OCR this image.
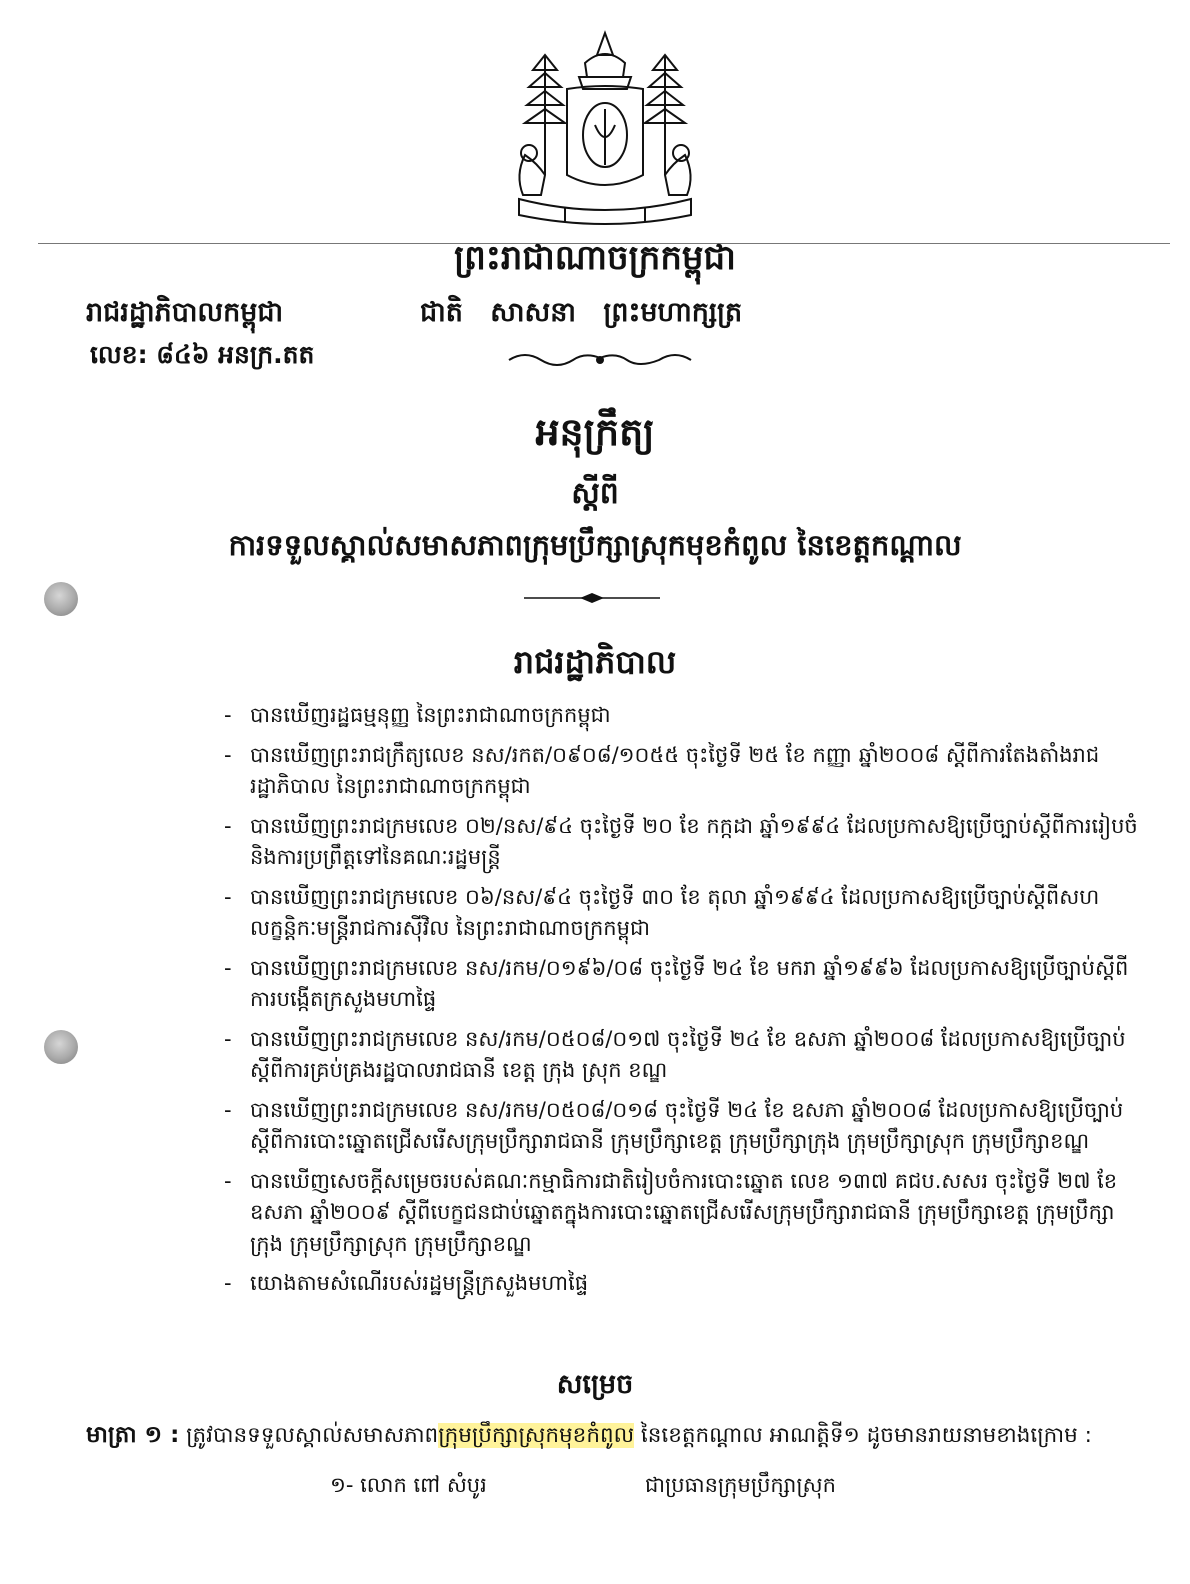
ព្រះរាជាណាចក្រកម្ពុជា
រាជរដ្ឋាភិបាលកម្ពុជា	ជាតិ សាសនា ព្រះមហាក្សត្រ
លេខ: ៨៤៦ អនក្រ.តត
អនុក្រឹត្យ
ស្តីពី
ការទទួលស្គាល់សមាសភាពក្រុមប្រឹក្សាស្រុកមុខកំពូល នៃខេត្តកណ្តាល
រាជរដ្ឋាភិបាល
- បានឃើញរដ្ឋធម្មនុញ្ញ នៃព្រះរាជាណាចក្រកម្ពុជា
- បានឃើញព្រះរាជក្រឹត្យលេខ នស/រកត/០៩០៨/១០៥៥ ចុះថ្ងៃទី ២៥ ខែ កញ្ញា ឆ្នាំ២០០៨ ស្តីពីការតែងតាំងរាជរដ្ឋាភិបាល នៃព្រះរាជាណាចក្រកម្ពុជា
- បានឃើញព្រះរាជក្រមលេខ ០២/នស/៩៤ ចុះថ្ងៃទី ២០ ខែ កក្កដា ឆ្នាំ១៩៩៤ ដែលប្រកាសឱ្យប្រើច្បាប់ស្តីពីការរៀបចំ និងការប្រព្រឹត្តទៅនៃគណៈរដ្ឋមន្ត្រី
- បានឃើញព្រះរាជក្រមលេខ ០៦/នស/៩៤ ចុះថ្ងៃទី ៣០ ខែ តុលា ឆ្នាំ១៩៩៤ ដែលប្រកាសឱ្យប្រើច្បាប់ស្តីពីសហលក្ខន្តិកៈមន្ត្រីរាជការស៊ីវិល នៃព្រះរាជាណាចក្រកម្ពុជា
- បានឃើញព្រះរាជក្រមលេខ នស/រកម/០១៩៦/០៨ ចុះថ្ងៃទី ២៤ ខែ មករា ឆ្នាំ១៩៩៦ ដែលប្រកាសឱ្យប្រើច្បាប់ស្តីពីការបង្កើតក្រសួងមហាផ្ទៃ
- បានឃើញព្រះរាជក្រមលេខ នស/រកម/០៥០៨/០១៧ ចុះថ្ងៃទី ២៤ ខែ ឧសភា ឆ្នាំ២០០៨ ដែលប្រកាសឱ្យប្រើច្បាប់ស្តីពីការគ្រប់គ្រងរដ្ឋបាលរាជធានី ខេត្ត ក្រុង ស្រុក ខណ្ឌ
- បានឃើញព្រះរាជក្រមលេខ នស/រកម/០៥០៨/០១៨ ចុះថ្ងៃទី ២៤ ខែ ឧសភា ឆ្នាំ២០០៨ ដែលប្រកាសឱ្យប្រើច្បាប់ស្តីពីការបោះឆ្នោតជ្រើសរើសក្រុមប្រឹក្សារាជធានី ក្រុមប្រឹក្សាខេត្ត ក្រុមប្រឹក្សាក្រុង ក្រុមប្រឹក្សាស្រុក ក្រុមប្រឹក្សាខណ្ឌ
- បានឃើញសេចក្តីសម្រេចរបស់គណៈកម្មាធិការជាតិរៀបចំការបោះឆ្នោត លេខ ១៣៧ គជប.សសរ ចុះថ្ងៃទី ២៧ ខែ ឧសភា ឆ្នាំ២០០៩ ស្តីពីបេក្ខជនជាប់ឆ្នោតក្នុងការបោះឆ្នោតជ្រើសរើសក្រុមប្រឹក្សារាជធានី ក្រុមប្រឹក្សាខេត្ត ក្រុមប្រឹក្សាក្រុង ក្រុមប្រឹក្សាស្រុក ក្រុមប្រឹក្សាខណ្ឌ
- យោងតាមសំណើរបស់រដ្ឋមន្ត្រីក្រសួងមហាផ្ទៃ
សម្រេច
មាត្រា ១ : ត្រូវបានទទួលស្គាល់សមាសភាពក្រុមប្រឹក្សាស្រុកមុខកំពូល នៃខេត្តកណ្តាល អាណត្តិទី១ ដូចមានរាយនាមខាងក្រោម :
១- លោក ពៅ សំបូរ	ជាប្រធានក្រុមប្រឹក្សាស្រុក
